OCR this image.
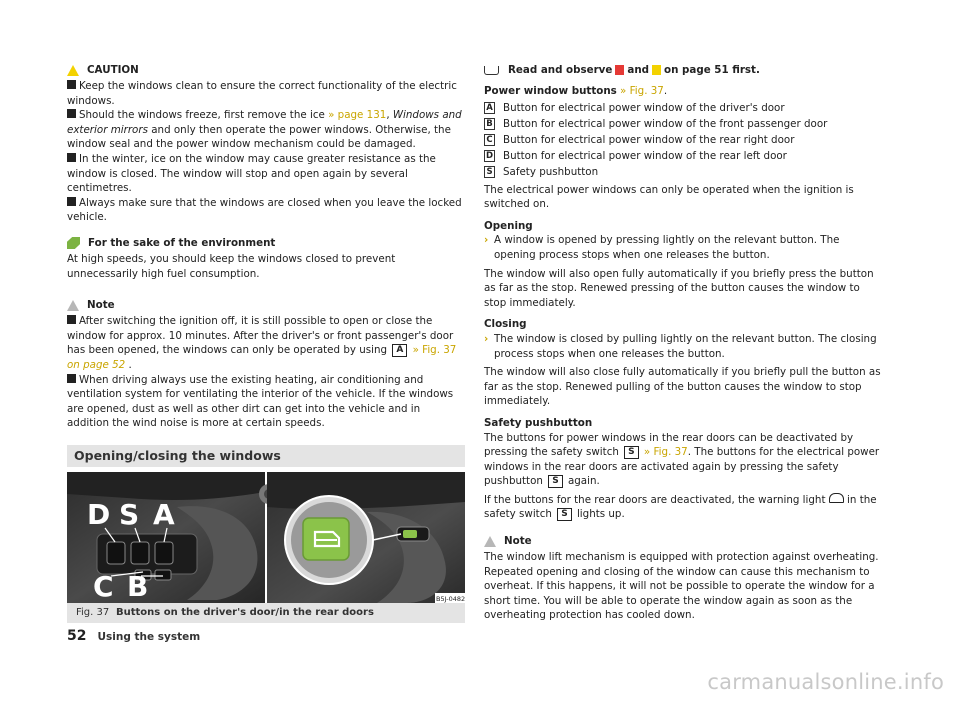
CAUTION

Keep the windows clean to ensure the correct functionality of the electric windows.

Should the windows freeze, first remove the ice » page 131, Windows and exterior mirrors and only then operate the power windows. Otherwise, the window seal and the power window mechanism could be damaged.

In the winter, ice on the window may cause greater resistance as the window is closed. The window will stop and open again by several centimetres.

Always make sure that the windows are closed when you leave the locked vehicle.

For the sake of the environment

At high speeds, you should keep the windows closed to prevent unnecessarily high fuel consumption.

Note

After switching the ignition off, it is still possible to open or close the window for approx. 10 minutes. After the driver's or front passenger's door has been opened, the windows can only be operated by using A » Fig. 37 on page 52 .

When driving always use the existing heating, air conditioning and ventilation system for ventilating the interior of the vehicle. If the windows are opened, dust as well as other dirt can get into the vehicle and in addition the wind noise is more at certain speeds.

Opening/closing the windows
D S A
C B	B5J-0482
Fig. 37 Buttons on the driver's door/in the rear doors
Read and observe and on page 51 first.

Power window buttons » Fig. 37.

A Button for electrical power window of the driver's door
B Button for electrical power window of the front passenger door
C Button for electrical power window of the rear right door
D Button for electrical power window of the rear left door
S Safety pushbutton

The electrical power windows can only be operated when the ignition is switched on.

Opening

› A window is opened by pressing lightly on the relevant button. The opening process stops when one releases the button.

The window will also open fully automatically if you briefly press the button as far as the stop. Renewed pressing of the button causes the window to stop immediately.

Closing

› The window is closed by pulling lightly on the relevant button. The closing process stops when one releases the button.

The window will also close fully automatically if you briefly pull the button as far as the stop. Renewed pulling of the button causes the window to stop immediately.

Safety pushbutton

The buttons for power windows in the rear doors can be deactivated by pressing the safety switch S » Fig. 37. The buttons for the electrical power windows in the rear doors are activated again by pressing the safety pushbutton S again.

If the buttons for the rear doors are deactivated, the warning light  in the safety switch S lights up.

Note

The window lift mechanism is equipped with protection against overheating. Repeated opening and closing of the window can cause this mechanism to overheat. If this happens, it will not be possible to operate the window for a short time. You will be able to operate the window again as soon as the overheating protection has cooled down.

52 Using the system
carmanualsonline.info
